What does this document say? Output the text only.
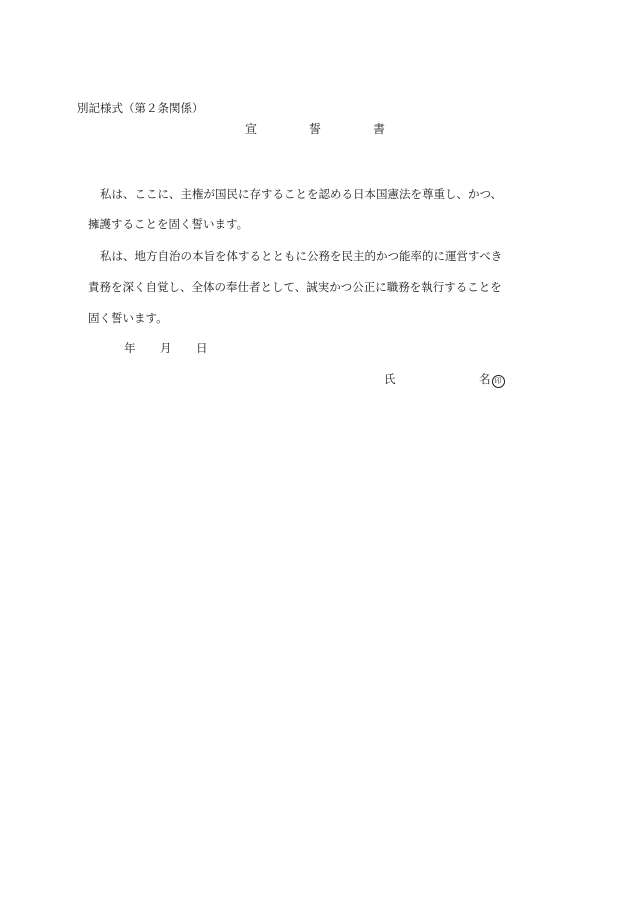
別記様式（第２条関係）
宣	誓	書
私は、ここに、主権が国民に存することを認める日本国憲法を尊重し、かつ、
擁護することを固く誓います。
私は、地方自治の本旨を体するとともに公務を民主的かつ能率的に運営すべき
責務を深く自覚し、全体の奉仕者として、誠実かつ公正に職務を執行することを
固く誓います。
年 月 日
氏	名 印
